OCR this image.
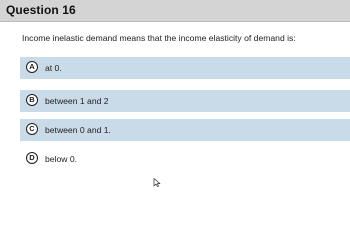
Question 16
Income inelastic demand means that the income elasticity of demand is:
A	at 0.
B	between 1 and 2
C	between 0 and 1.
D	below 0.
